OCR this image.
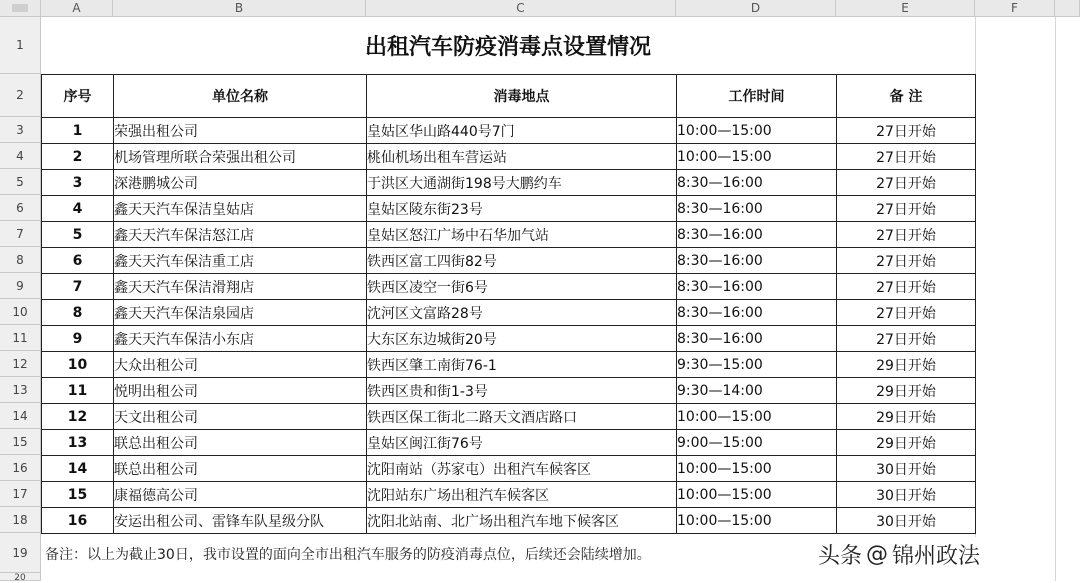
A	B	C	D	E	F
1
2
3
4
5
6
7
8
9
10
11
12
13
14
15
16
17
18
19
20
出租汽车防疫消毒点设置情况
序号	单位名称	消毒地点	工作时间	备 注
1	荣强出租公司	皇姑区华山路440号7门	10:00—15:00	27日开始
2	机场管理所联合荣强出租公司	桃仙机场出租车营运站	10:00—15:00	27日开始
3	深港鹏城公司	于洪区大通湖街198号大鹏约车	8:30—16:00	27日开始
4	鑫天天汽车保洁皇姑店	皇姑区陵东街23号	8:30—16:00	27日开始
5	鑫天天汽车保洁怒江店	皇姑区怒江广场中石华加气站	8:30—16:00	27日开始
6	鑫天天汽车保洁重工店	铁西区富工四街82号	8:30—16:00	27日开始
7	鑫天天汽车保洁滑翔店	铁西区凌空一街6号	8:30—16:00	27日开始
8	鑫天天汽车保洁泉园店	沈河区文富路28号	8:30—16:00	27日开始
9	鑫天天汽车保洁小东店	大东区东边城街20号	8:30—16:00	27日开始
10	大众出租公司	铁西区肇工南街76-1	9:30—15:00	29日开始
11	悦明出租公司	铁西区贵和街1-3号	9:30—14:00	29日开始
12	天文出租公司	铁西区保工街北二路天文酒店路口	10:00—15:00	29日开始
13	联总出租公司	皇姑区闽江街76号	9:00—15:00	29日开始
14	联总出租公司	沈阳南站（苏家屯）出租汽车候客区	10:00—15:00	30日开始
15	康福德高公司	沈阳站东广场出租汽车候客区	10:00—15:00	30日开始
16	安运出租公司、雷锋车队星级分队	沈阳北站南、北广场出租汽车地下候客区	10:00—15:00	30日开始
备注：以上为截止30日，我市设置的面向全市出租汽车服务的防疫消毒点位，后续还会陆续增加。	头条 @ 锦州政法
